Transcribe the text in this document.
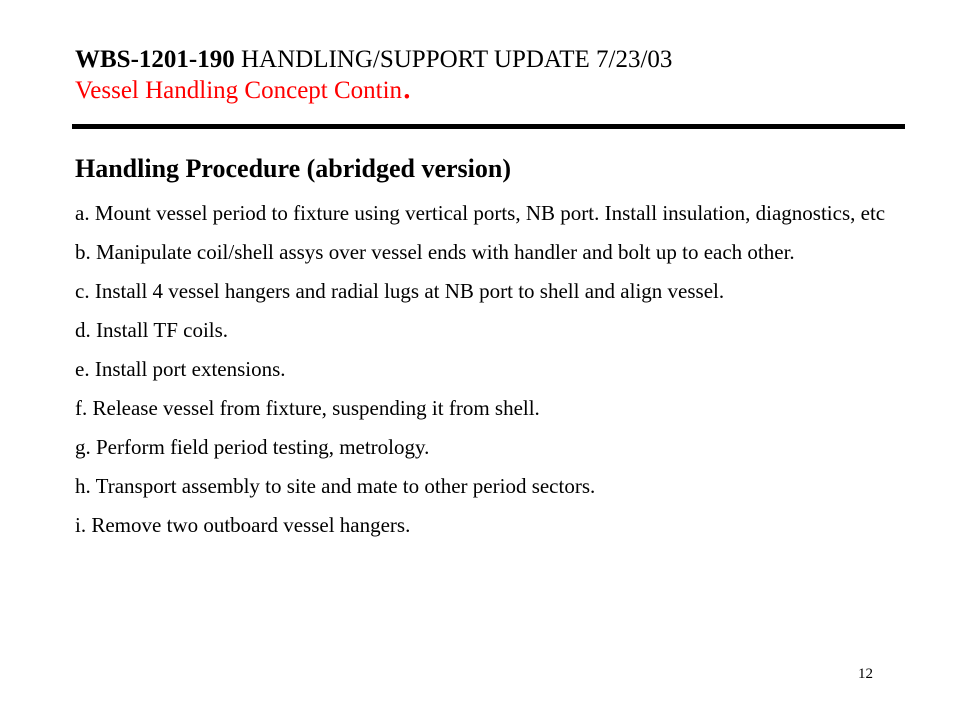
WBS-1201-190 HANDLING/SUPPORT UPDATE 7/23/03
Vessel Handling Concept Contin.
Handling Procedure (abridged version)
a. Mount vessel period to fixture using vertical ports, NB port. Install insulation, diagnostics, etc
b. Manipulate coil/shell assys over vessel ends with handler and bolt up to each other.
c. Install 4 vessel hangers and radial lugs at NB port to shell and align vessel.
d. Install TF coils.
e. Install port extensions.
f. Release vessel from fixture, suspending it from shell.
g. Perform field period testing, metrology.
h. Transport assembly to site and mate to other period sectors.
i. Remove two outboard vessel hangers.
12
